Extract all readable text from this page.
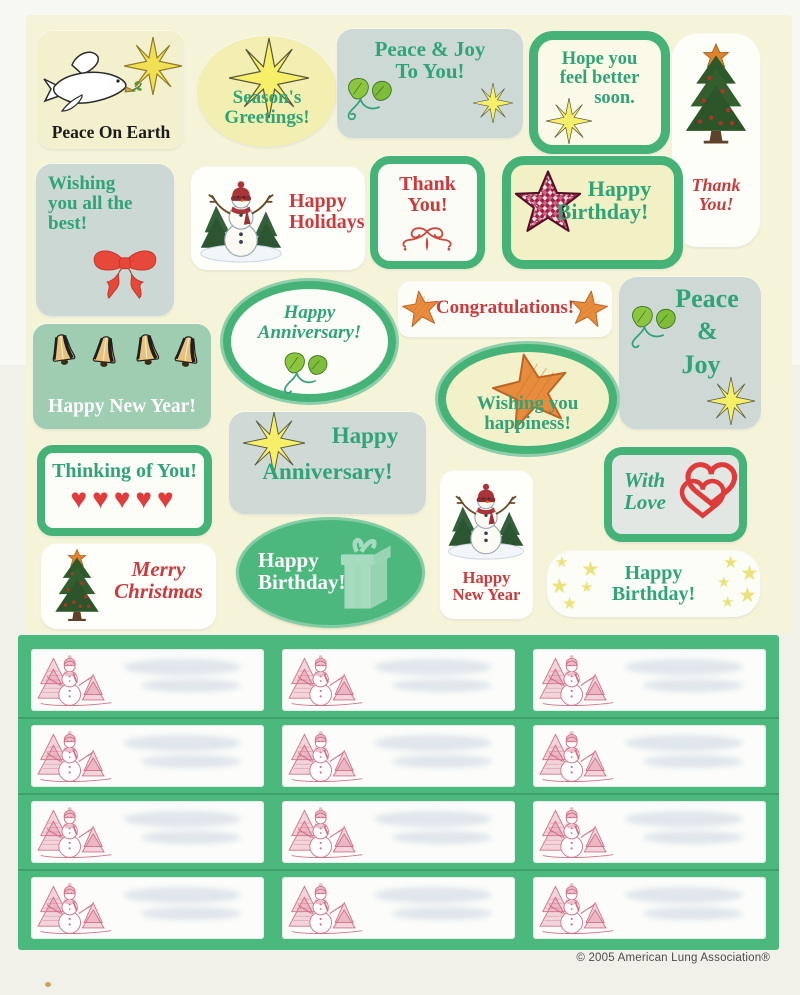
Peace On Earth
Season's
Greetings!
Peace & Joy
To You!
Hope you
feel better
soon.
Thank
You!
Wishing
you all the
best!
Happy
Holidays
Thank
You!
Happy
Birthday!
Happy New Year!
Happy
Anniversary!
Congratulations!	Peace
&
Joy
Wishing you
happiness!
Thinking of You!
♥♥♥♥♥
Happy
Anniversary!	With
Love
Merry
Christmas
Happy
Birthday!	Happy
New Year
★ ★
★ ★
★
Happy
Birthday!
★ ★
★ ★
★
© 2005 American Lung Association®
